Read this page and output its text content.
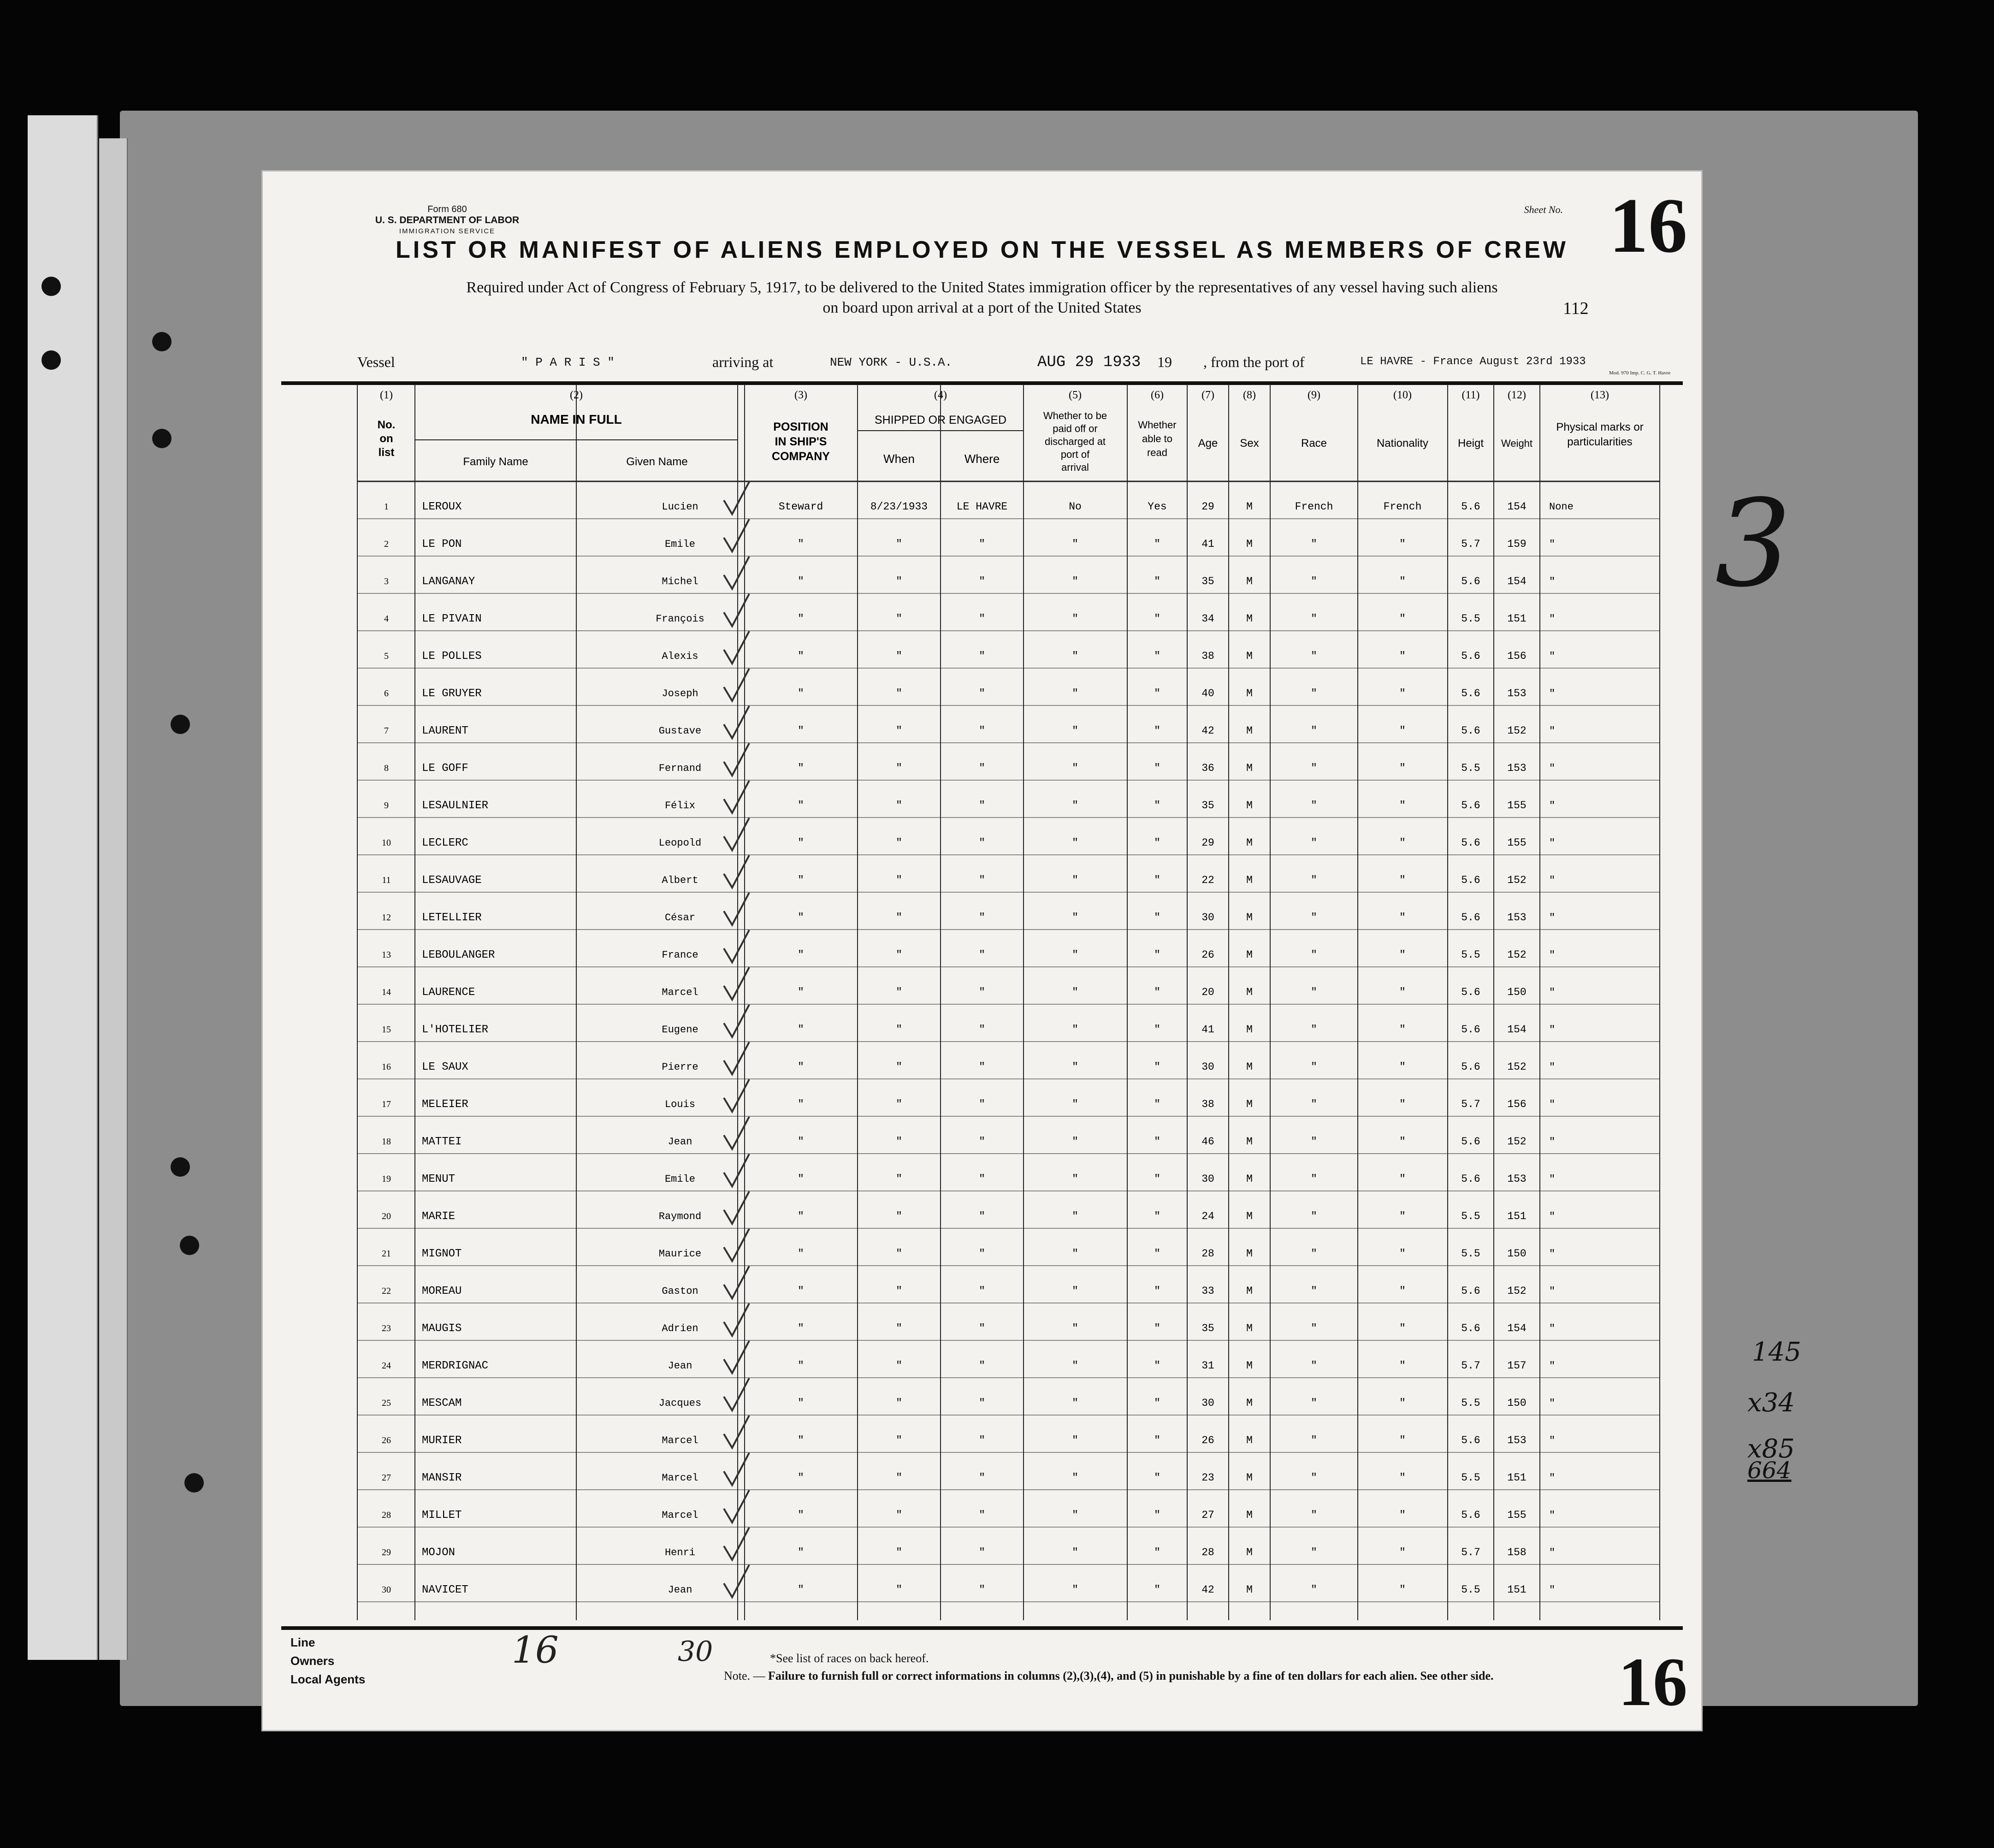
3
145
x34
x85
664
Form 680
U. S. DEPARTMENT OF LABOR
IMMIGRATION SERVICE
Sheet No. 16
LIST OR MANIFEST OF ALIENS EMPLOYED ON THE VESSEL AS MEMBERS OF CREW
Required under Act of Congress of February 5, 1917, to be delivered to the United States immigration officer by the representatives of any vessel having such aliens
on board upon arrival at a port of the United States	112
Vessel	" P A R I S "	arriving at	NEW YORK - U.S.A.	AUG 29 1933 19 , from the port of	LE HAVRE - France August 23rd 1933
Mod. 970 Imp. C. G. T. Havre
(1)	(2)	(3)	(4)	(5)	(6)	(7)	(8)	(9)	(10)	(11)	(12)	(13)
No.
on
list
NAME IN FULL
Family Name	Given Name
POSITION
IN SHIP'S
COMPANY
SHIPPED OR ENGAGED
When	Where
Whether to be
paid off or
discharged at
port of
arrival
Whether
able to
read
Age Sex	Race	Nationality	Heigt Weight
Physical marks or
particularities
1	LEROUX	Lucien	Steward	8/23/1933	LE HAVRE	No	Yes	29	M	French	French	5.6	154 None
2	LE PON	Emile	"	"	"	"	"	41	M	"	"	5.7	159 "
3	LANGANAY	Michel	"	"	"	"	"	35	M	"	"	5.6	154 "
4	LE PIVAIN	François	"	"	"	"	"	34	M	"	"	5.5	151 "
5	LE POLLES	Alexis	"	"	"	"	"	38	M	"	"	5.6	156 "
6	LE GRUYER	Joseph	"	"	"	"	"	40	M	"	"	5.6	153 "
7	LAURENT	Gustave	"	"	"	"	"	42	M	"	"	5.6	152 "
8	LE GOFF	Fernand	"	"	"	"	"	36	M	"	"	5.5	153 "
9	LESAULNIER	Félix	"	"	"	"	"	35	M	"	"	5.6	155 "
10	LECLERC	Leopold	"	"	"	"	"	29	M	"	"	5.6	155 "
11	LESAUVAGE	Albert	"	"	"	"	"	22	M	"	"	5.6	152 "
12	LETELLIER	César	"	"	"	"	"	30	M	"	"	5.6	153 "
13	LEBOULANGER	France	"	"	"	"	"	26	M	"	"	5.5	152 "
14	LAURENCE	Marcel	"	"	"	"	"	20	M	"	"	5.6	150 "
15	L'HOTELIER	Eugene	"	"	"	"	"	41	M	"	"	5.6	154 "
16	LE SAUX	Pierre	"	"	"	"	"	30	M	"	"	5.6	152 "
17	MELEIER	Louis	"	"	"	"	"	38	M	"	"	5.7	156 "
18	MATTEI	Jean	"	"	"	"	"	46	M	"	"	5.6	152 "
19	MENUT	Emile	"	"	"	"	"	30	M	"	"	5.6	153 "
20	MARIE	Raymond	"	"	"	"	"	24	M	"	"	5.5	151 "
21	MIGNOT	Maurice	"	"	"	"	"	28	M	"	"	5.5	150 "
22	MOREAU	Gaston	"	"	"	"	"	33	M	"	"	5.6	152 "
23	MAUGIS	Adrien	"	"	"	"	"	35	M	"	"	5.6	154 "
24	MERDRIGNAC	Jean	"	"	"	"	"	31	M	"	"	5.7	157 "
25	MESCAM	Jacques	"	"	"	"	"	30	M	"	"	5.5	150 "
26	MURIER	Marcel	"	"	"	"	"	26	M	"	"	5.6	153 "
27	MANSIR	Marcel	"	"	"	"	"	23	M	"	"	5.5	151 "
28	MILLET	Marcel	"	"	"	"	"	27	M	"	"	5.6	155 "
29	MOJON	Henri	"	"	"	"	"	28	M	"	"	5.7	158 "
30	NAVICET	Jean	"	"	"	"	"	42	M	"	"	5.5	151 "
Line
Owners
Local Agents
16	30	*See list of races on back hereof.
Note. — Failure to furnish full or correct informations in columns (2),(3),(4), and (5) in punishable by a fine of ten dollars for each alien. See other side. 16
